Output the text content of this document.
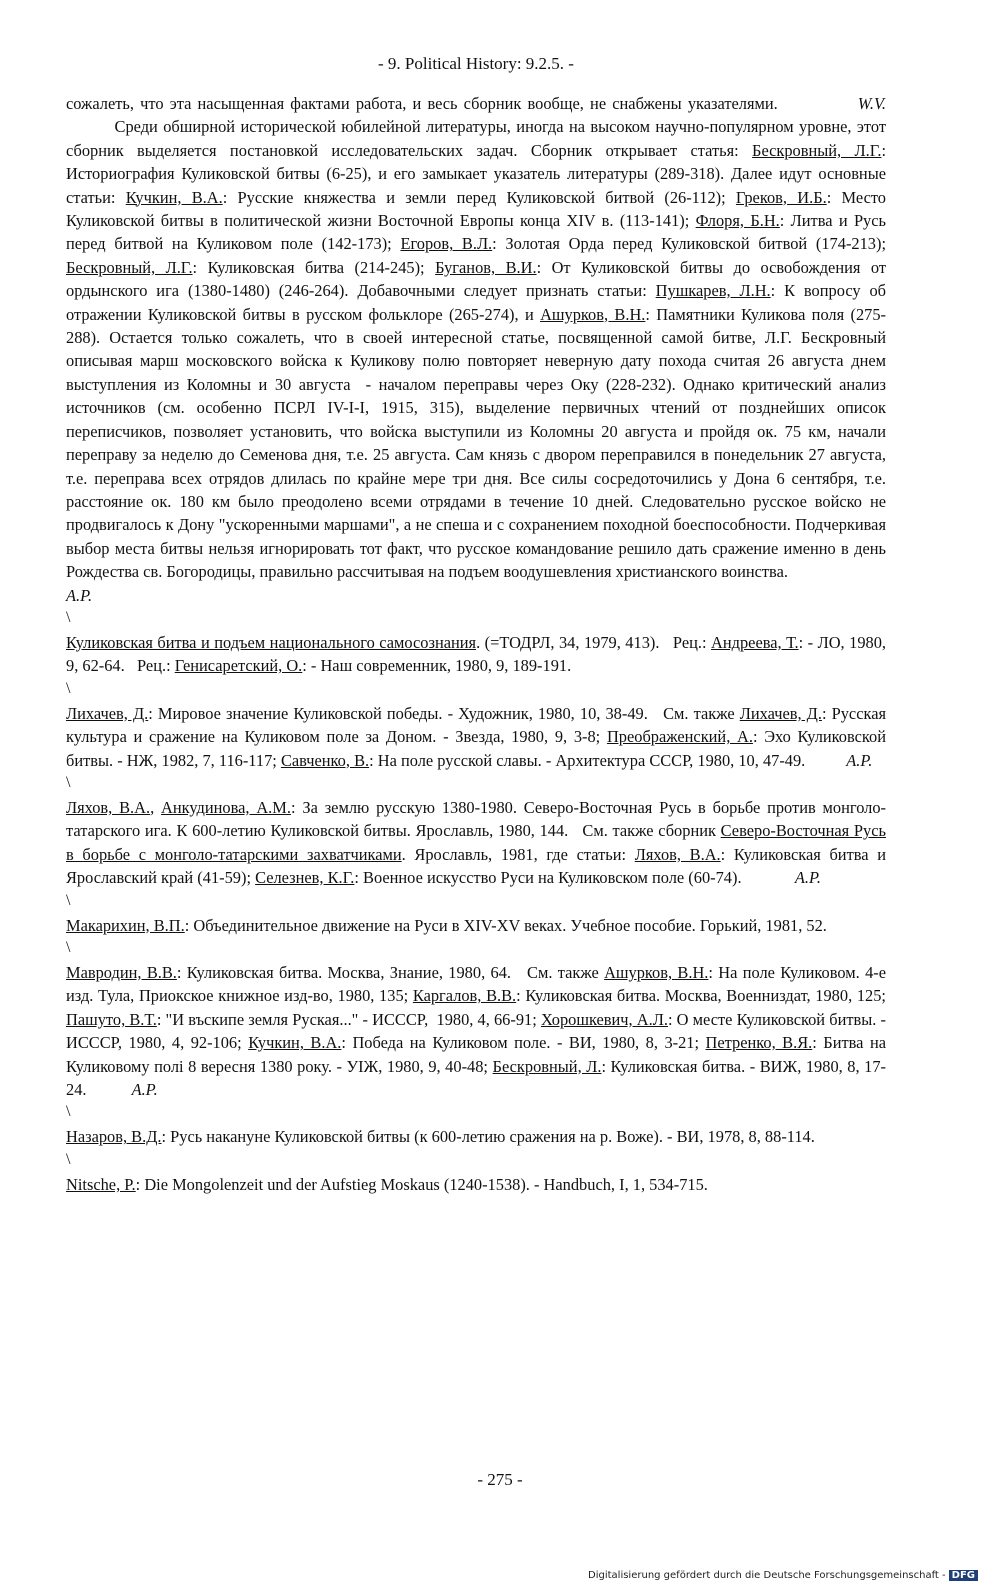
- 9. Political History: 9.2.5. -

сожалеть, что эта насыщенная фактами работа, и весь сборник вообще, не снабжены указателями.             W.V.          Среди обширной исторической юбилейной литературы, иногда на высоком научно-популярном уровне, этот сборник выделяется постановкой исследовательских задач. Сборник открывает статья: Бескровный, Л.Г.: Историография Куликовской битвы (6-25), и его замыкает указатель литературы (289-318). Далее идут основные статьи: Кучкин, В.А.: Русские княжества и земли перед Куликовской битвой (26-112); Греков, И.Б.: Место Куликовской битвы в политической жизни Восточной Европы конца XIV в. (113-141); Флоря, Б.Н.: Литва и Русь перед битвой на Куликовом поле (142-173); Егоров, В.Л.: Золотая Орда перед Куликовской битвой (174-213); Бескровный, Л.Г.: Куликовская битва (214-245); Буганов, В.И.: От Куликовской битвы до освобождения от ордынского ига (1380-1480) (246-264). Добавочными следует признать статьи: Пушкарев, Л.Н.: К вопросу об отражении Куликовской битвы в русском фольклоре (265-274), и Ашурков, В.Н.: Памятники Куликова поля (275-288). Остается только сожалеть, что в своей интересной статье, посвященной самой битве, Л.Г. Бескровный описывая марш московского войска к Куликову полю повторяет неверную дату похода считая 26 августа днем выступления из Коломны и 30 августа  - началом переправы через Оку (228-232). Однако критический анализ источников (см. особенно ПСРЛ IV-I-I, 1915, 315), выделение первичных чтений от позднейших описок переписчиков, позволяет установить, что войска выступили из Коломны 20 августа и пройдя ок. 75 км, начали переправу за неделю до Семенова дня, т.е. 25 августа. Сам князь с двором переправился в понедельник 27 августа, т.е. переправа всех отрядов длилась по крайне мере три дня. Все силы сосредоточились у Дона 6 сентября, т.е. расстояние ок. 180 км было преодолено всеми отрядами в течение 10 дней. Следовательно русское войско не продвигалось к Дону "ускоренными маршами", а не спеша и с сохранением походной боеспособности. Подчеркивая выбор места битвы нельзя игнорировать тот факт, что русское командование решило дать сражение именно в день Рождества св. Богородицы, правильно рассчитывая на подъем воодушевления христианского воинства.
A.P.

\

Куликовская битва и подъем национального самосознания. (=ТОДРЛ, 34, 1979, 413).   Рец.: Андреева, Т.: - ЛО, 1980, 9, 62-64.   Рец.: Генисаретский, О.: - Наш современник, 1980, 9, 189-191.

\

Лихачев, Д.: Мировое значение Куликовской победы. - Художник, 1980, 10, 38-49.   См. также Лихачев, Д.: Русская культура и сражение на Куликовом поле за Доном. - Звезда, 1980, 9, 3-8; Преображенский, А.: Эхо Куликовской битвы. - НЖ, 1982, 7, 116-117; Савченко, В.: На поле русской славы. - Архитектура СССР, 1980, 10, 47-49.          A.P.

\

Ляхов, В.А., Анкудинова, А.М.: За землю русскую 1380-1980. Северо-Восточная Русь в борьбе против монголо-татарского ига. К 600-летию Куликовской битвы. Ярославль, 1980, 144.   См. также сборник Северо-Восточная Русь в борьбе с монголо-татарскими захватчиками. Ярославль, 1981, где статьи: Ляхов, В.А.: Куликовская битва и Ярославский край (41-59); Селезнев, К.Г.: Военное искусство Руси на Куликовском поле (60-74).             A.P.

\

Макарихин, В.П.: Объединительное движение на Руси в XIV-XV веках. Учебное пособие. Горький, 1981, 52.

\

Мавродин, В.В.: Куликовская битва. Москва, Знание, 1980, 64.   См. также Ашурков, В.Н.: На поле Куликовом. 4-е изд. Тула, Приокское книжное изд-во, 1980, 135; Каргалов, В.В.: Куликовская битва. Москва, Военниздат, 1980, 125; Пашуто, В.Т.: "И въскипе земля Руская..." - ИССCP,  1980, 4, 66-91; Хорошкевич, А.Л.: О месте Куликовской битвы. - ИССCP, 1980, 4, 92-106; Кучкин, В.А.: Победа на Куликовом поле. - ВИ, 1980, 8, 3-21; Петренко, В.Я.: Битва на Куликовому полі 8 вересня 1380 року. - УІЖ, 1980, 9, 40-48; Бескровный, Л.: Куликовская битва. - ВИЖ, 1980, 8, 17-24.           A.P.

\

Назаров, В.Д.: Русь накануне Куликовской битвы (к 600-летию сражения на р. Воже). - ВИ, 1978, 8, 88-114.

\

Nitsche, P.: Die Mongolenzeit und der Aufstieg Moskaus (1240-1538). - Handbuch, I, 1, 534-715.

- 275 -
Digitalisierung gefördert durch die Deutsche Forschungsgemeinschaft - DFG
